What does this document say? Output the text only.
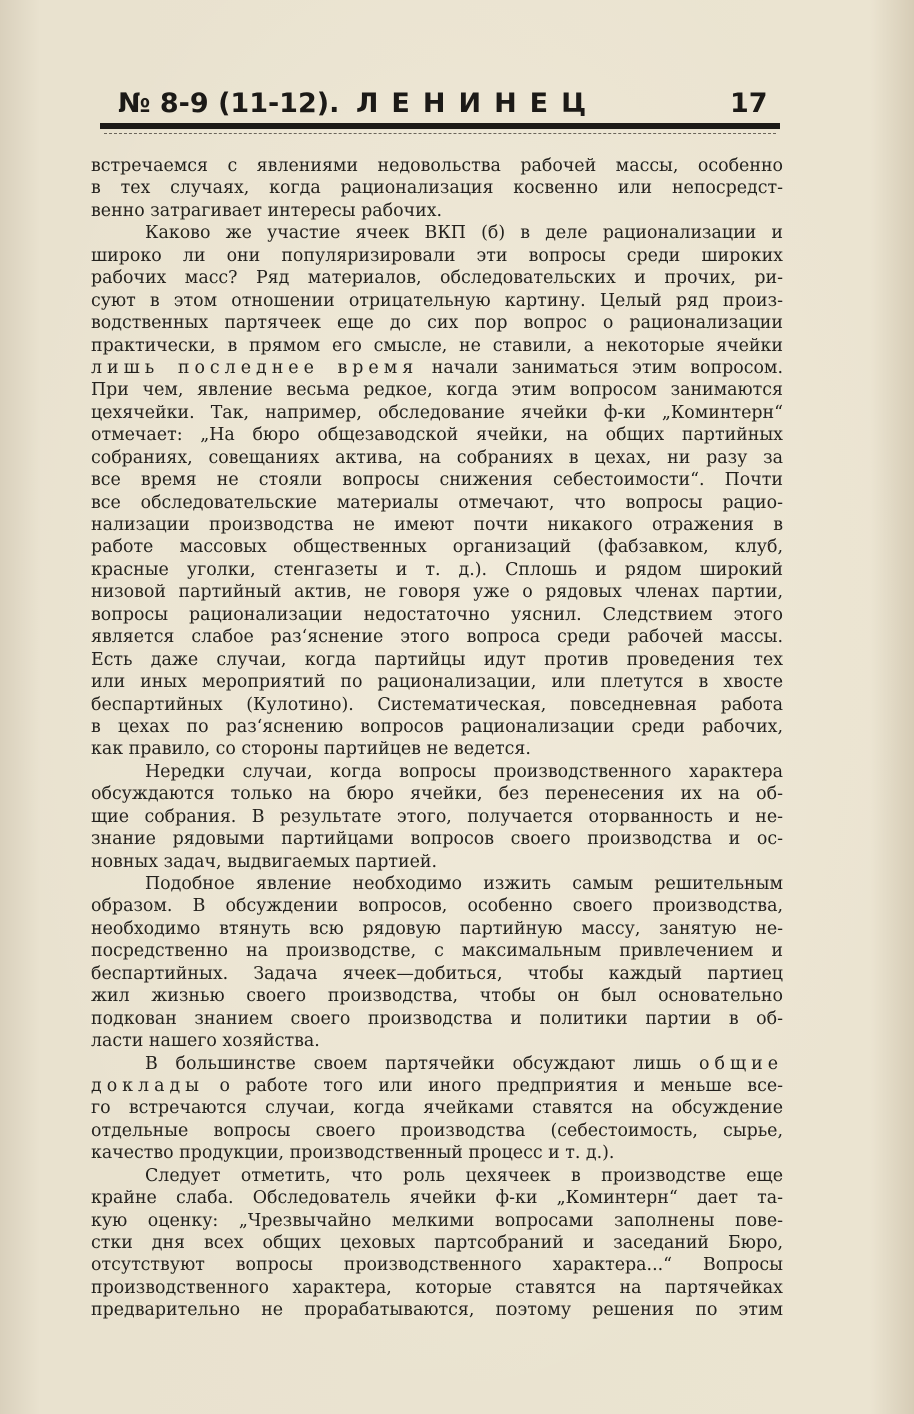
№ 8-9 (11-12). ЛЕНИНЕЦ	17

встречаемся с явлениями недовольства рабочей массы, особенно
в тех случаях, когда рационализация косвенно или непосредст-
венно затрагивает интересы рабочих.

Каково же участие ячеек ВКП (б) в деле рационализации и
широко ли они популяризировали эти вопросы среди широких
рабочих масс? Ряд материалов, обследовательских и прочих, ри-
суют в этом отношении отрицательную картину. Целый ряд произ-
водственных партячеек еще до сих пор вопрос о рационализации
практически, в прямом его смысле, не ставили, а некоторые ячейки
лишь последнее время начали заниматься этим вопросом.
При чем, явление весьма редкое, когда этим вопросом занимаются
цехячейки. Так, например, обследование ячейки ф-ки „Коминтерн“
отмечает: „На бюро общезаводской ячейки, на общих партийных
собраниях, совещаниях актива, на собраниях в цехах, ни разу за
все время не стояли вопросы снижения себестоимости“. Почти
все обследовательские материалы отмечают, что вопросы рацио-
нализации производства не имеют почти никакого отражения в
работе массовых общественных организаций (фабзавком, клуб,
красные уголки, стенгазеты и т. д.). Сплошь и рядом широкий
низовой партийный актив, не говоря уже о рядовых членах партии,
вопросы рационализации недостаточно уяснил. Следствием этого
является слабое раз‘яснение этого вопроса среди рабочей массы.
Есть даже случаи, когда партийцы идут против проведения тех
или иных мероприятий по рационализации, или плетутся в хвосте
беспартийных (Кулотино). Систематическая, повседневная работа
в цехах по раз‘яснению вопросов рационализации среди рабочих,
как правило, со стороны партийцев не ведется.

Нередки случаи, когда вопросы производственного характера
обсуждаются только на бюро ячейки, без перенесения их на об-
щие собрания. В результате этого, получается оторванность и не-
знание рядовыми партийцами вопросов своего производства и ос-
новных задач, выдвигаемых партией.

Подобное явление необходимо изжить самым решительным
образом. В обсуждении вопросов, особенно своего производства,
необходимо втянуть всю рядовую партийную массу, занятую не-
посредственно на производстве, с максимальным привлечением и
беспартийных. Задача ячеек—добиться, чтобы каждый партиец
жил жизнью своего производства, чтобы он был основательно
подкован знанием своего производства и политики партии в об-
ласти нашего хозяйства.

В большинстве своем партячейки обсуждают лишь общие
доклады о работе того или иного предприятия и меньше все-
го встречаются случаи, когда ячейками ставятся на обсуждение
отдельные вопросы своего производства (себестоимость, сырье,
качество продукции, производственный процесс и т. д.).

Следует отметить, что роль цехячеек в производстве еще
крайне слаба. Обследователь ячейки ф-ки „Коминтерн“ дает та-
кую оценку: „Чрезвычайно мелкими вопросами заполнены пове-
стки дня всех общих цеховых партсобраний и заседаний Бюро,
отсутствуют вопросы производственного характера...“ Вопросы
производственного характера, которые ставятся на партячейках
предварительно не прорабатываются, поэтому решения по этим
